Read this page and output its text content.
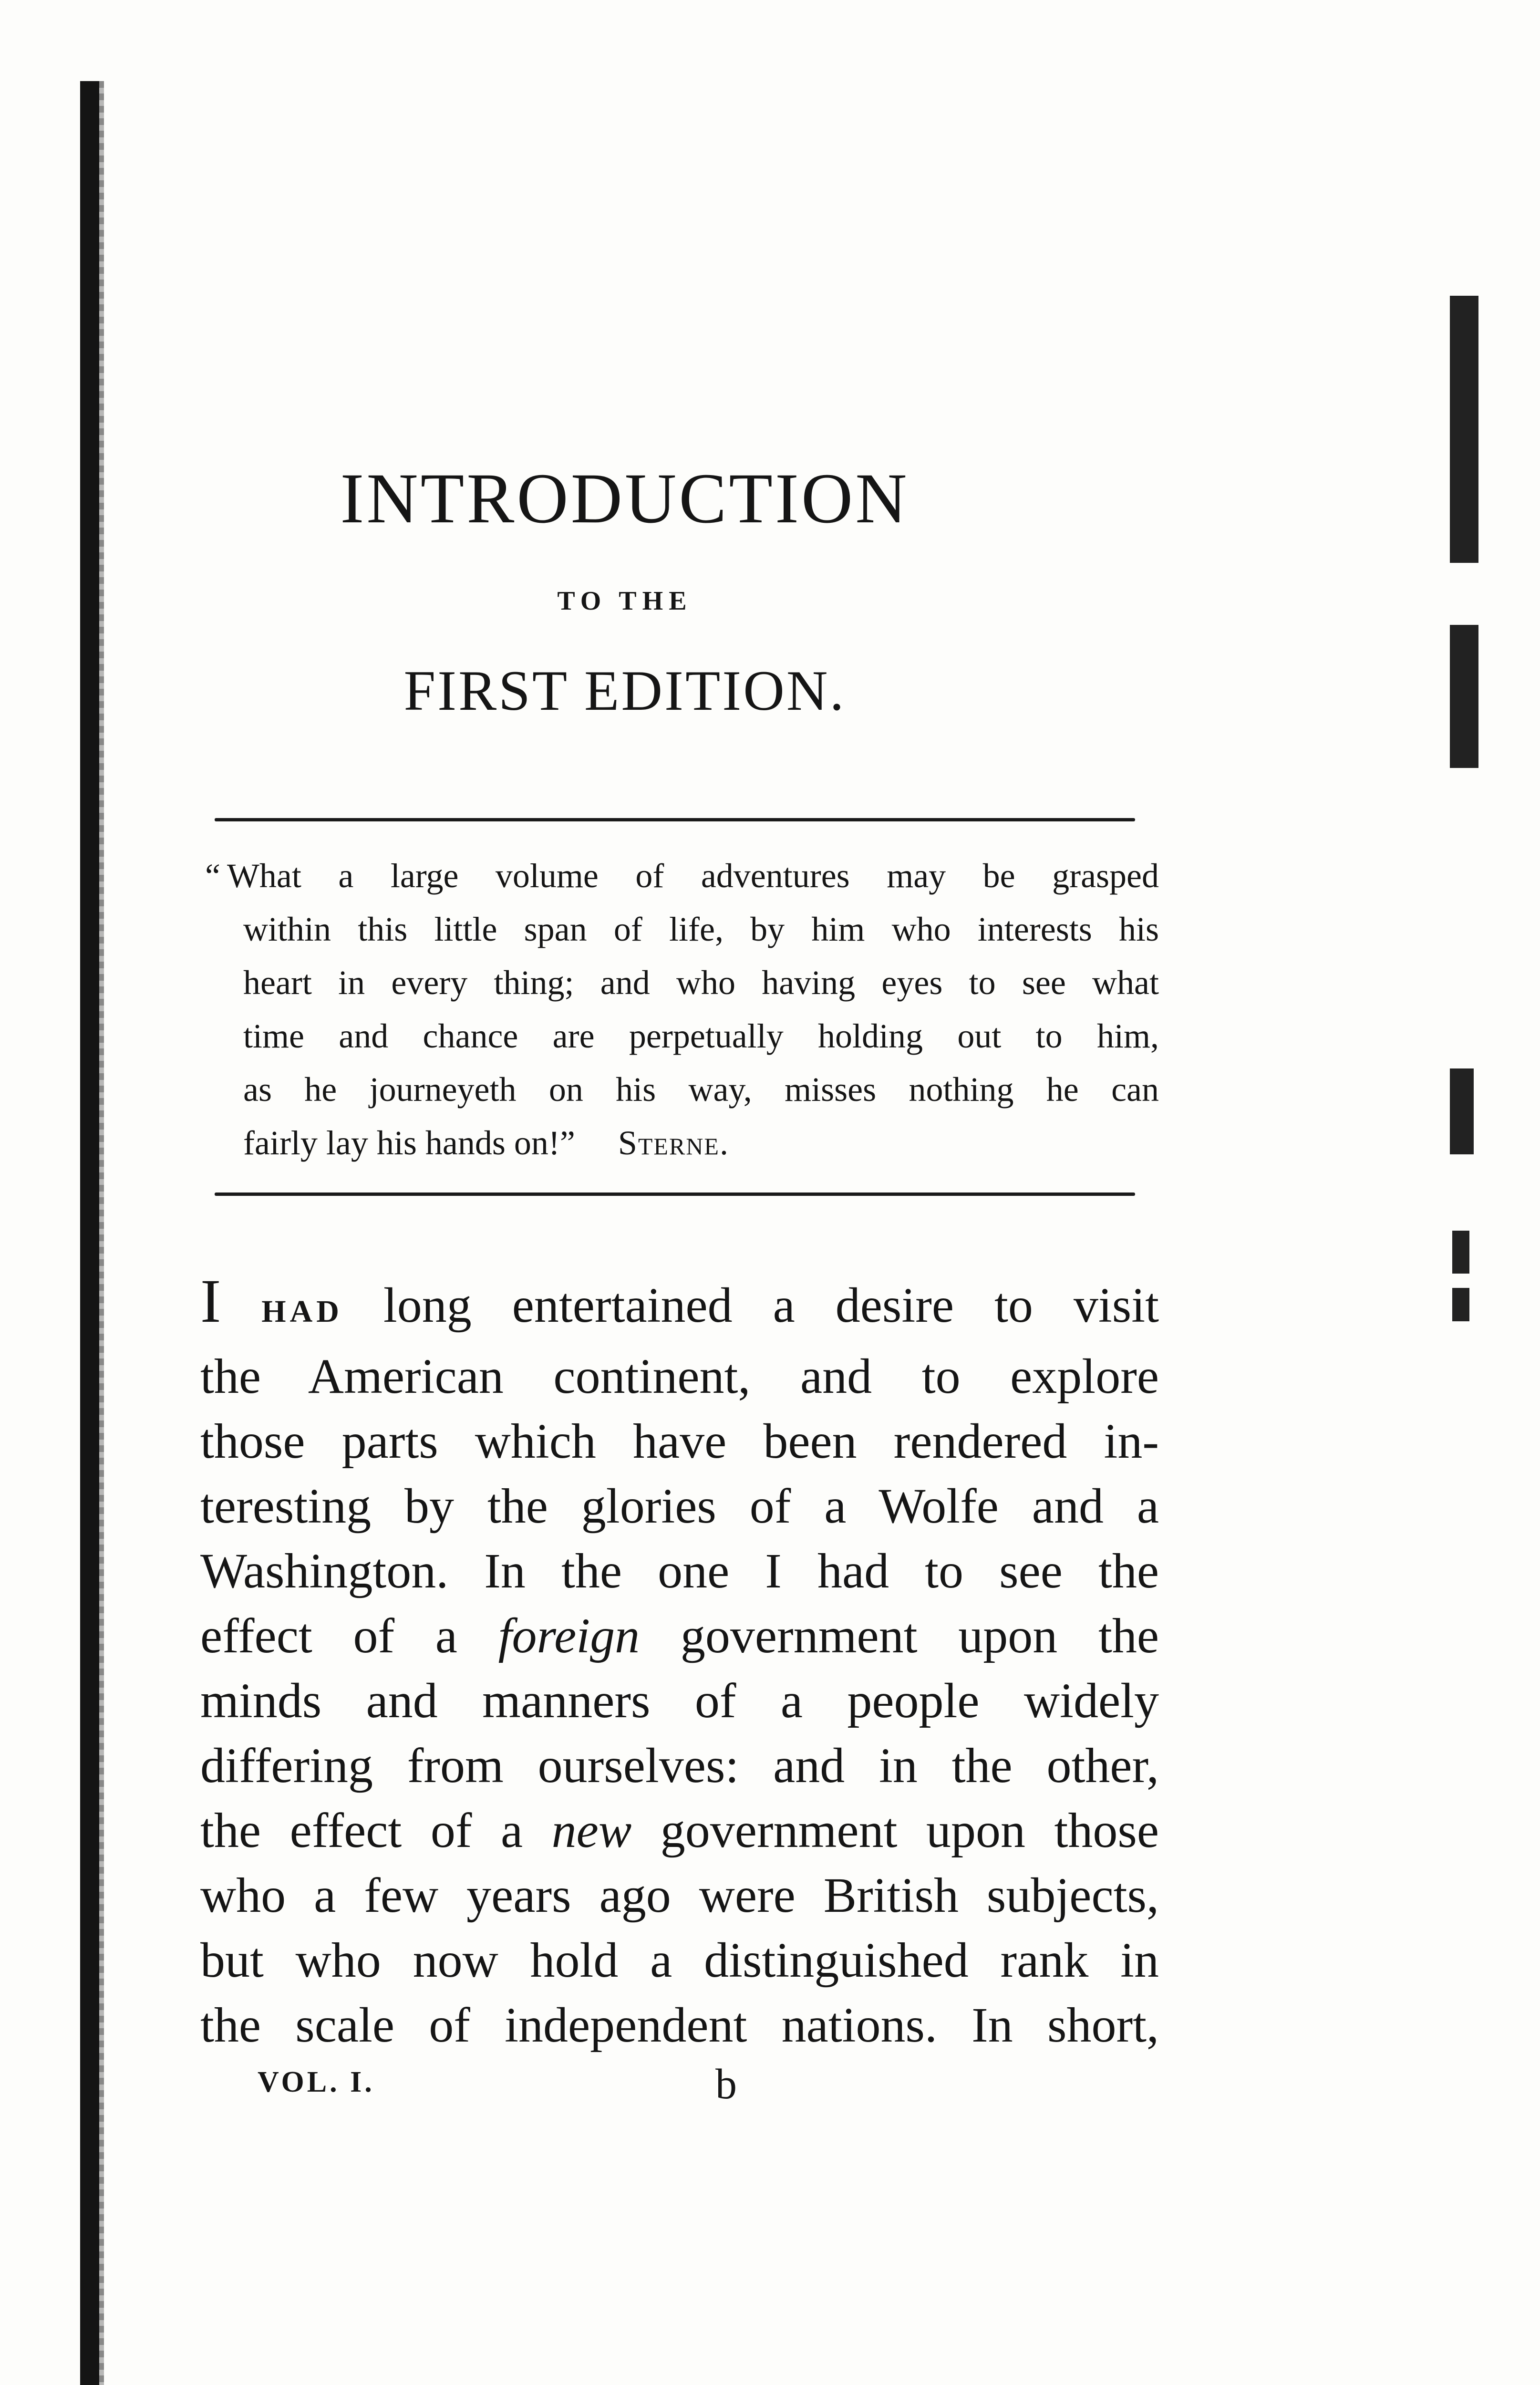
INTRODUCTION
TO THE
FIRST EDITION.
“ What a large volume of adventures may be grasped
within this little span of life, by him who interests his
heart in every thing; and who having eyes to see what
time and chance are perpetually holding out to him,
as he journeyeth on his way, misses nothing he can
fairly lay his hands on!” Sterne.
I HAD long entertained a desire to visit
the American continent, and to explore
those parts which have been rendered in-
teresting by the glories of a Wolfe and a
Washington. In the one I had to see the
effect of a foreign government upon the
minds and manners of a people widely
differing from ourselves: and in the other,
the effect of a new government upon those
who a few years ago were British subjects,
but who now hold a distinguished rank in
the scale of independent nations. In short,
VOL. I.	b
